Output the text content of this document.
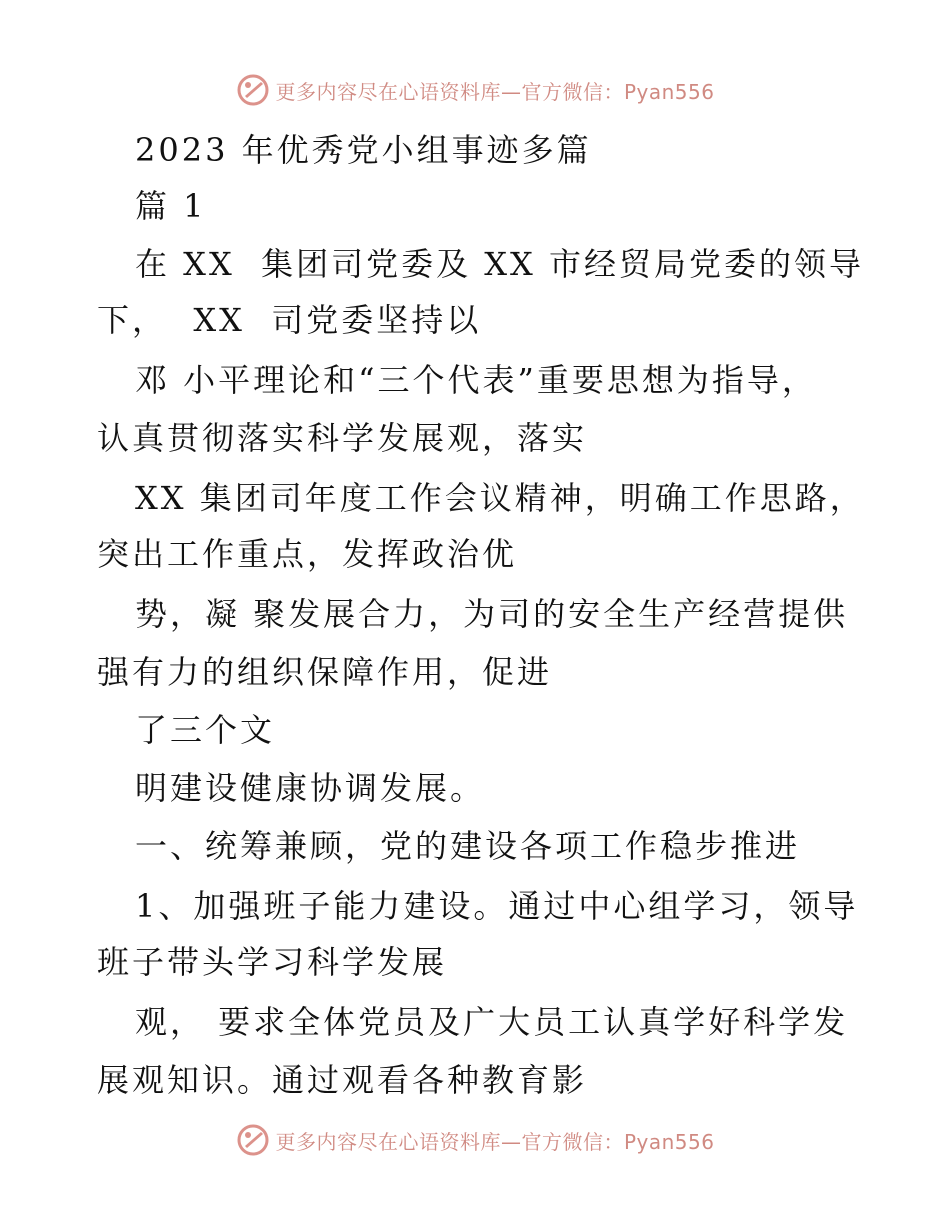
更多内容尽在心语资料库—官方微信：Pyan556
2023 年优秀党小组事迹多篇
篇 1
在 XX  集团司党委及 XX 市经贸局党委的领导
下，  XX  司党委坚持以
邓 小平理论和“三个代表”重要思想为指导，
认真贯彻落实科学发展观，落实
XX 集团司年度工作会议精神，明确工作思路，
突出工作重点，发挥政治优
势，凝 聚发展合力，为司的安全生产经营提供
强有力的组织保障作用，促进
了三个文
明建设健康协调发展。
一、统筹兼顾，党的建设各项工作稳步推进
1、加强班子能力建设。通过中心组学习，领导
班子带头学习科学发展
观， 要求全体党员及广大员工认真学好科学发
展观知识。通过观看各种教育影
更多内容尽在心语资料库—官方微信：Pyan556
